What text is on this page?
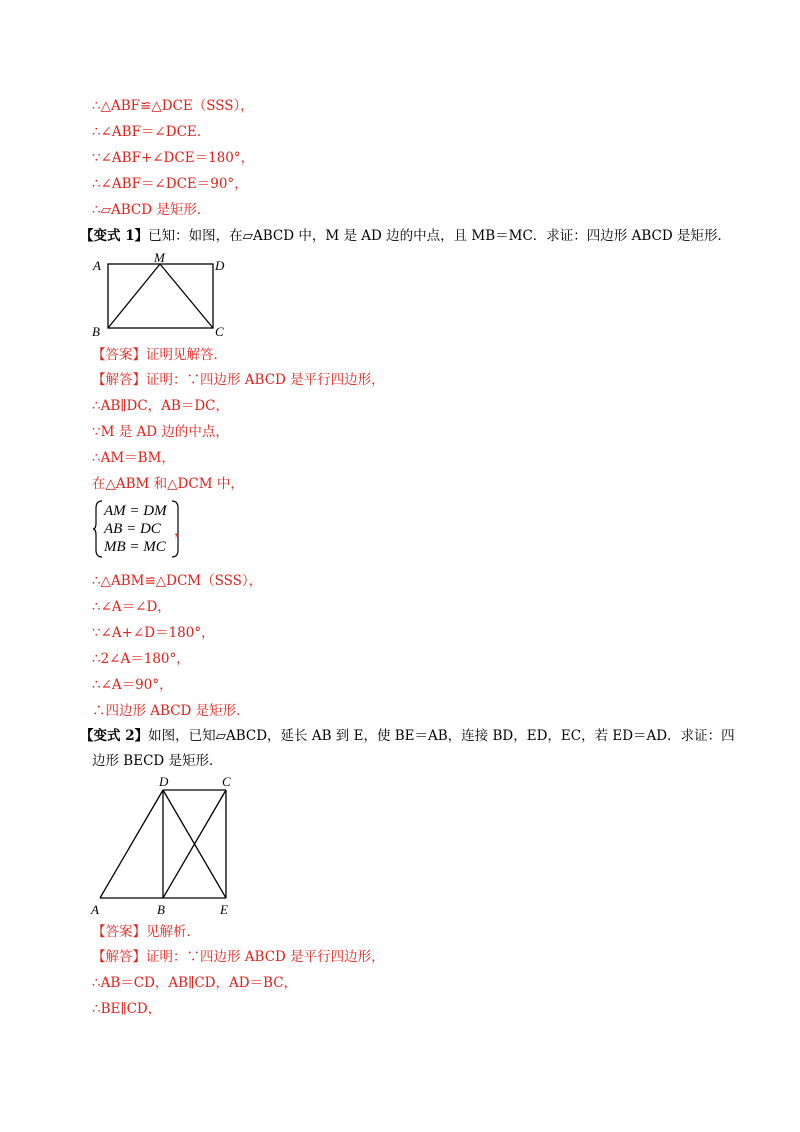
∴△ABF≌△DCE（SSS），
∴∠ABF＝∠DCE.
∵∠ABF+∠DCE＝180°，
∴∠ABF＝∠DCE＝90°，
∴▱ABCD 是矩形.
【变式 1】已知：如图，在▱ABCD 中，M 是 AD 边的中点，且 MB＝MC．求证：四边形 ABCD 是矩形．
A
M
D
B	C
【答案】证明见解答．
【解答】证明：∵四边形 ABCD 是平行四边形，
∴AB∥DC，AB＝DC，
∵M 是 AD 边的中点，
∴AM＝BM，
在△ABM 和△DCM 中，
AM = DM
AB = DC
MB = MC
，
∴△ABM≌△DCM（SSS），
∴∠A＝∠D，
∵∠A+∠D＝180°，
∴2∠A＝180°，
∴∠A＝90°，
∴四边形 ABCD 是矩形．
【变式 2】如图，已知▱ABCD，延长 AB 到 E，使 BE＝AB，连接 BD，ED，EC，若 ED＝AD．求证：四
边形 BECD 是矩形．
D	C
A	B	E
【答案】见解析．
【解答】证明：∵四边形 ABCD 是平行四边形，
∴AB＝CD，AB∥CD，AD＝BC，
∴BE∥CD，
